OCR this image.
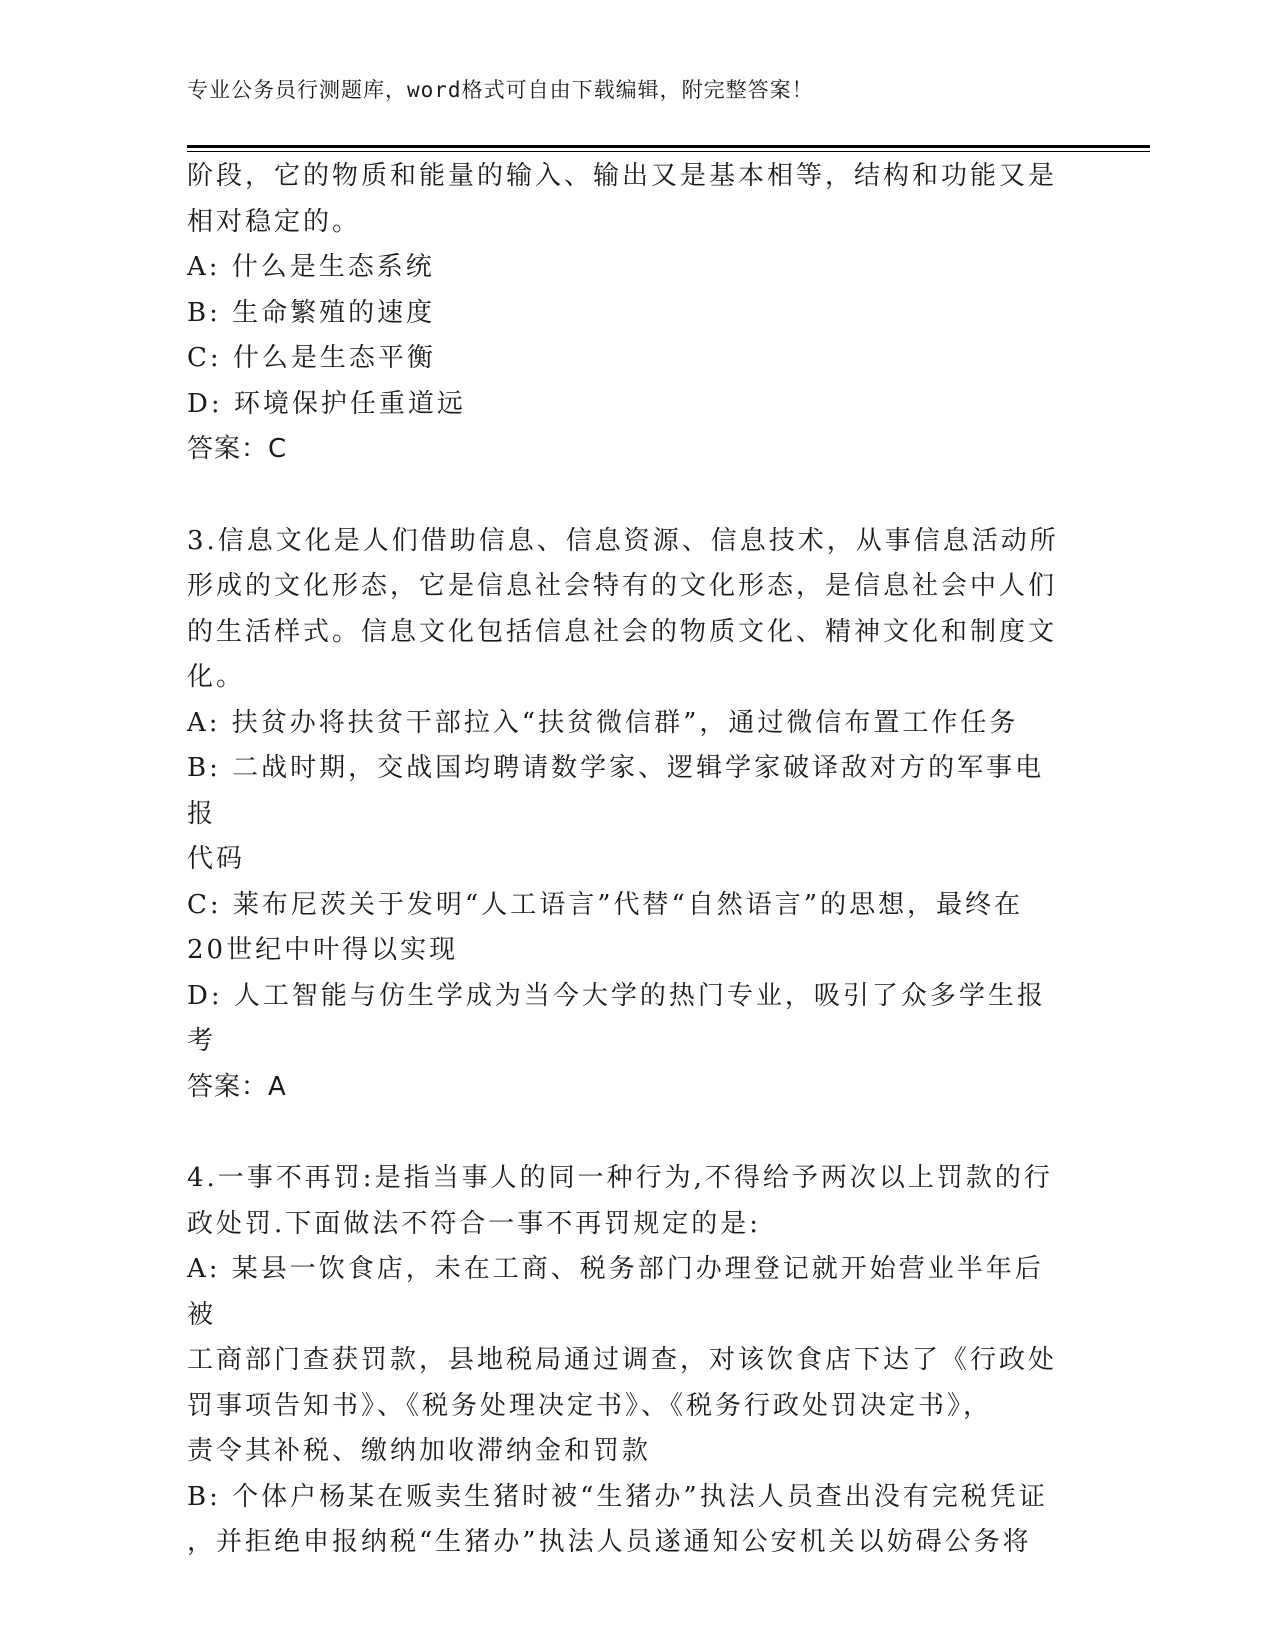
专业公务员行测题库，word格式可自由下载编辑，附完整答案！

阶段，它的物质和能量的输入、输出又是基本相等，结构和功能又是

相对稳定的。

A: 什么是生态系统

B: 生命繁殖的速度

C: 什么是生态平衡

D: 环境保护任重道远

答案：C

3.信息文化是人们借助信息、信息资源、信息技术，从事信息活动所

形成的文化形态，它是信息社会特有的文化形态，是信息社会中人们

的生活样式。信息文化包括信息社会的物质文化、精神文化和制度文

化。

A: 扶贫办将扶贫干部拉入“扶贫微信群”，通过微信布置工作任务

B: 二战时期，交战国均聘请数学家、逻辑学家破译敌对方的军事电报

代码

C: 莱布尼茨关于发明“人工语言”代替“自然语言”的思想，最终在

20世纪中叶得以实现

D: 人工智能与仿生学成为当今大学的热门专业，吸引了众多学生报考

答案：A

4.一事不再罚:是指当事人的同一种行为,不得给予两次以上罚款的行

政处罚.下面做法不符合一事不再罚规定的是:

A: 某县一饮食店，未在工商、税务部门办理登记就开始营业半年后被

工商部门查获罚款，县地税局通过调查，对该饮食店下达了《行政处

罚事项告知书》、《税务处理决定书》、《税务行政处罚决定书》，

责令其补税、缴纳加收滞纳金和罚款

B: 个体户杨某在贩卖生猪时被“生猪办”执法人员查出没有完税凭证

，并拒绝申报纳税“生猪办”执法人员遂通知公安机关以妨碍公务将
